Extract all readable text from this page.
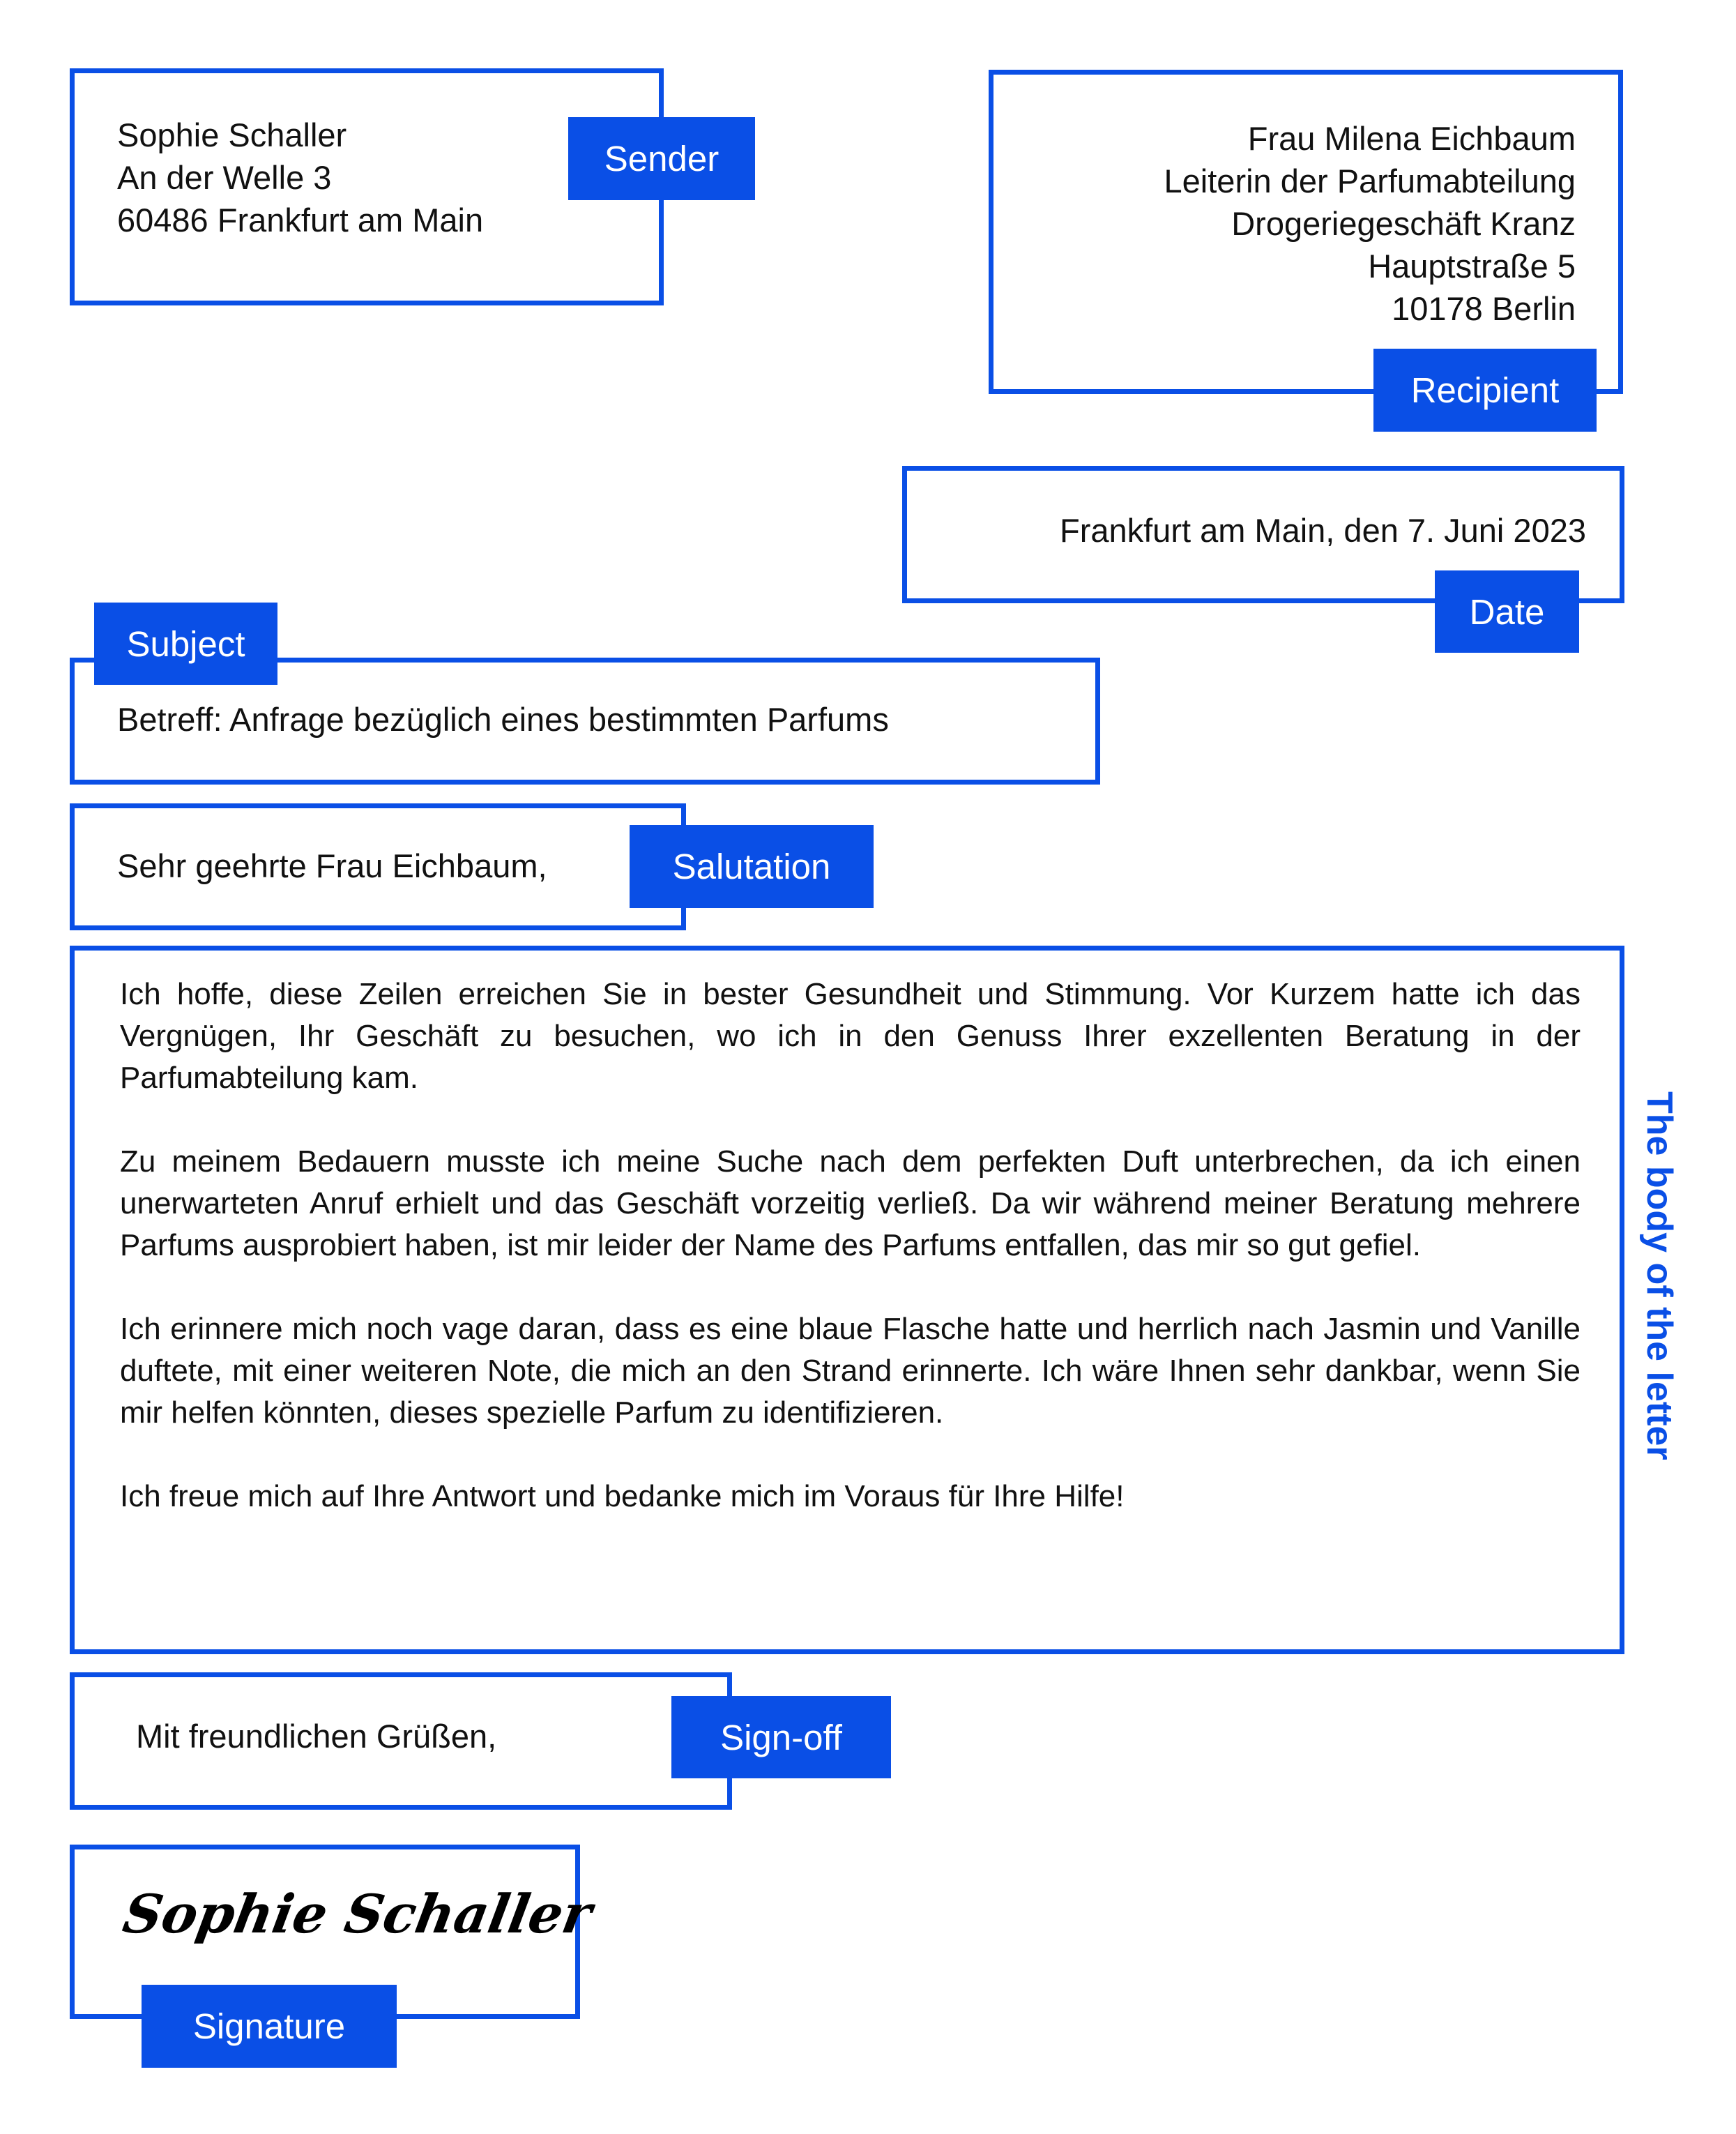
Sophie Schaller
An der Welle 3
60486 Frankfurt am Main
Sender
Frau Milena Eichbaum
Leiterin der Parfumabteilung
Drogeriegeschäft Kranz
Hauptstraße 5
10178 Berlin
Recipient
Frankfurt am Main, den 7. Juni 2023
Date
Betreff: Anfrage bezüglich eines bestimmten Parfums
Subject
Sehr geehrte Frau Eichbaum,	Salutation

Ich hoffe, diese Zeilen erreichen Sie in bester Gesundheit und Stimmung. Vor Kurzem hatte ich das Vergnügen, Ihr Geschäft zu besuchen, wo ich in den Genuss Ihrer exzellenten Beratung in der Parfumabteilung kam.

Zu meinem Bedauern musste ich meine Suche nach dem perfekten Duft unterbrechen, da ich einen unerwarteten Anruf erhielt und das Geschäft vorzeitig verließ. Da wir während meiner Beratung mehrere Parfums ausprobiert haben, ist mir leider der Name des Parfums entfallen, das mir so gut gefiel.

Ich erinnere mich noch vage daran, dass es eine blaue Flasche hatte und herrlich nach Jasmin und Vanille duftete, mit einer weiteren Note, die mich an den Strand erinnerte. Ich wäre Ihnen sehr dankbar, wenn Sie mir helfen könnten, dieses spezielle Parfum zu identifizieren.

Ich freue mich auf Ihre Antwort und bedanke mich im Voraus für Ihre Hilfe!

The body of the letter
Mit freundlichen Grüßen,	Sign-off
Sophie Schaller
Signature
